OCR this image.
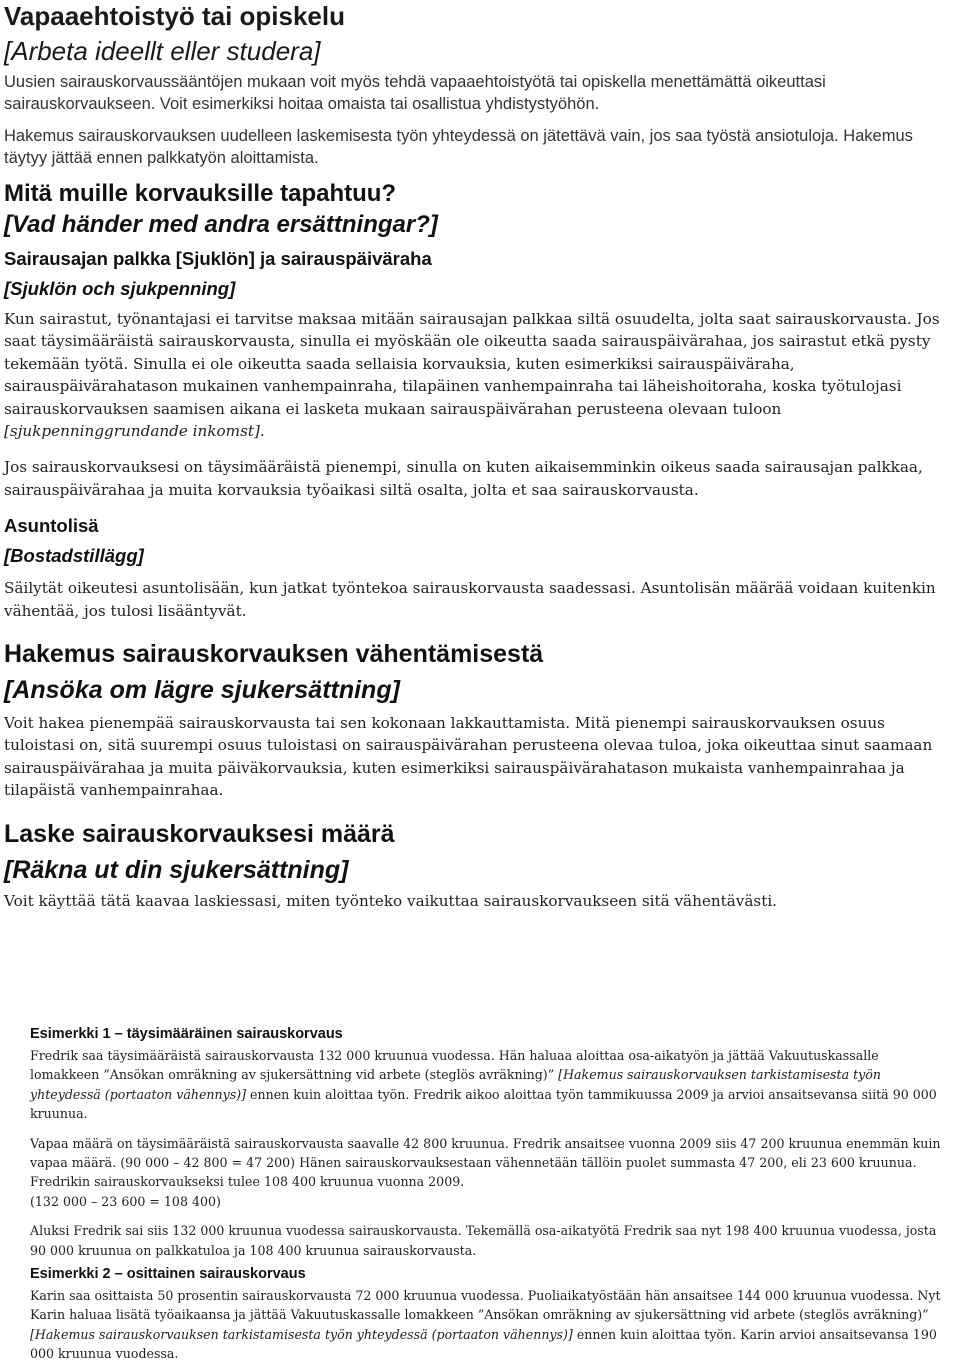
Vapaaehtoistyö tai opiskelu
[Arbeta ideellt eller studera]

Uusien sairauskorvaussääntöjen mukaan voit myös tehdä vapaaehtoistyötä tai opiskella menettämättä oikeuttasi sairauskorvaukseen. Voit esimerkiksi hoitaa omaista tai osallistua yhdistystyöhön.

Hakemus sairauskorvauksen uudelleen laskemisesta työn yhteydessä on jätettävä vain, jos saa työstä ansiotuloja. Hakemus täytyy jättää ennen palkkatyön aloittamista.

Mitä muille korvauksille tapahtuu?
[Vad händer med andra ersättningar?]
Sairausajan palkka [Sjuklön] ja sairauspäiväraha
[Sjuklön och sjukpenning]

Kun sairastut, työnantajasi ei tarvitse maksaa mitään sairausajan palkkaa siltä osuudelta, jolta saat sairauskorvausta. Jos saat täysimääräistä sairauskorvausta, sinulla ei myöskään ole oikeutta saada sairauspäivärahaa, jos sairastut etkä pysty tekemään työtä. Sinulla ei ole oikeutta saada sellaisia korvauksia, kuten esimerkiksi sairauspäiväraha, sairauspäivärahatason mukainen vanhempainraha, tilapäinen vanhempainraha tai läheishoitoraha, koska työtulojasi sairauskorvauksen saamisen aikana ei lasketa mukaan sairauspäivärahan perusteena olevaan tuloon [sjukpenninggrundande inkomst].

Jos sairauskorvauksesi on täysimääräistä pienempi, sinulla on kuten aikaisemminkin oikeus saada sairausajan palkkaa, sairauspäivärahaa ja muita korvauksia työaikasi siltä osalta, jolta et saa sairauskorvausta.

Asuntolisä
[Bostadstillägg]

Säilytät oikeutesi asuntolisään, kun jatkat työntekoa sairauskorvausta saadessasi. Asuntolisän määrää voidaan kuitenkin vähentää, jos tulosi lisääntyvät.

Hakemus sairauskorvauksen vähentämisestä
[Ansöka om lägre sjukersättning]

Voit hakea pienempää sairauskorvausta tai sen kokonaan lakkauttamista. Mitä pienempi sairauskorvauksen osuus tuloistasi on, sitä suurempi osuus tuloistasi on sairauspäivärahan perusteena olevaa tuloa, joka oikeuttaa sinut saamaan sairauspäivärahaa ja muita päiväkorvauksia, kuten esimerkiksi sairauspäivärahatason mukaista vanhempainrahaa ja tilapäistä vanhempainrahaa.

Laske sairauskorvauksesi määrä
[Räkna ut din sjukersättning]

Voit käyttää tätä kaavaa laskiessasi, miten työnteko vaikuttaa sairauskorvaukseen sitä vähentävästi.

Esimerkki 1 – täysimääräinen sairauskorvaus

Fredrik saa täysimääräistä sairauskorvausta 132 000 kruunua vuodessa. Hän haluaa aloittaa osa-aikatyön ja jättää Vakuutuskassalle lomakkeen ”Ansökan omräkning av sjukersättning vid arbete (steglös avräkning)” [Hakemus sairauskorvauksen tarkistamisesta työn yhteydessä (portaaton vähennys)] ennen kuin aloittaa työn. Fredrik aikoo aloittaa työn tammikuussa 2009 ja arvioi ansaitsevansa siitä 90 000 kruunua.

Vapaa määrä on täysimääräistä sairauskorvausta saavalle 42 800 kruunua. Fredrik ansaitsee vuonna 2009 siis 47 200 kruunua enemmän kuin vapaa määrä. (90 000 – 42 800 = 47 200) Hänen sairauskorvauksestaan vähennetään tällöin puolet summasta 47 200, eli 23 600 kruunua. Fredrikin sairauskorvaukseksi tulee 108 400 kruunua vuonna 2009.

(132 000 – 23 600 = 108 400)

Aluksi Fredrik sai siis 132 000 kruunua vuodessa sairauskorvausta. Tekemällä osa-aikatyötä Fredrik saa nyt 198 400 kruunua vuodessa, josta 90 000 kruunua on palkkatuloa ja 108 400 kruunua sairauskorvausta.

Esimerkki 2 – osittainen sairauskorvaus

Karin saa osittaista 50 prosentin sairauskorvausta 72 000 kruunua vuodessa. Puoliaikatyöstään hän ansaitsee 144 000 kruunua vuodessa. Nyt Karin haluaa lisätä työaikaansa ja jättää Vakuutuskassalle lomakkeen ”Ansökan omräkning av sjukersättning vid arbete (steglös avräkning)” [Hakemus sairauskorvauksen tarkistamisesta työn yhteydessä (portaaton vähennys)] ennen kuin aloittaa työn. Karin arvioi ansaitsevansa 190 000 kruunua vuodessa.
